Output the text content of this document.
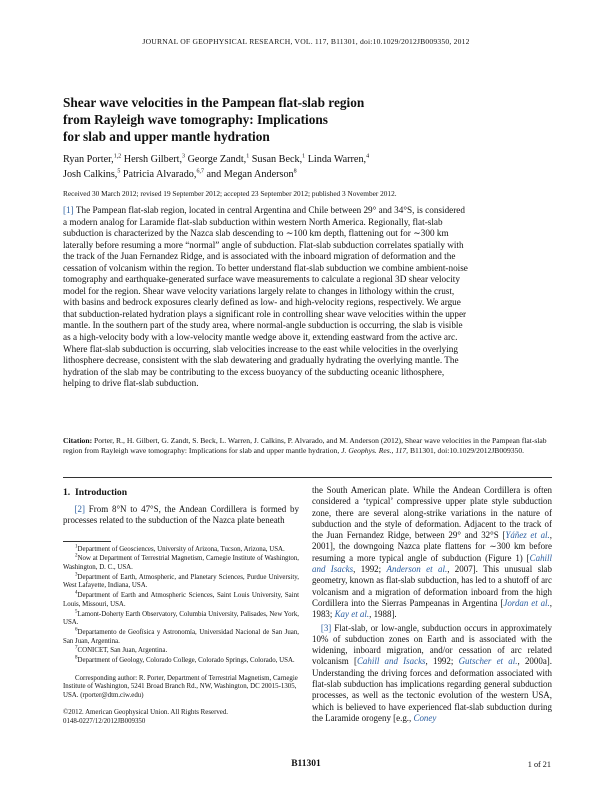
JOURNAL OF GEOPHYSICAL RESEARCH, VOL. 117, B11301, doi:10.1029/2012JB009350, 2012
Shear wave velocities in the Pampean flat-slab region
from Rayleigh wave tomography: Implications
for slab and upper mantle hydration
Ryan Porter,$^{1,2}$ Hersh Gilbert,$^3$ George Zandt,$^1$ Susan Beck,$^1$ Linda Warren,$^4$
Josh Calkins,$^5$ Patricia Alvarado,$^{6,7}$ and Megan Anderson$^8$
Received 30 March 2012; revised 19 September 2012; accepted 23 September 2012; published 3 November 2012.
[1] The Pampean flat-slab region, located in central Argentina and Chile between 29° and 34°S, is considered a modern analog for Laramide flat-slab subduction within western North America. Regionally, flat-slab subduction is characterized by the Nazca slab descending to ∼100 km depth, flattening out for ∼300 km laterally before resuming a more “normal” angle of subduction. Flat-slab subduction correlates spatially with the track of the Juan Fernandez Ridge, and is associated with the inboard migration of deformation and the cessation of volcanism within the region. To better understand flat-slab subduction we combine ambient-noise tomography and earthquake-generated surface wave measurements to calculate a regional 3D shear velocity model for the region. Shear wave velocity variations largely relate to changes in lithology within the crust, with basins and bedrock exposures clearly defined as low- and high-velocity regions, respectively. We argue that subduction-related hydration plays a significant role in controlling shear wave velocities within the upper mantle. In the southern part of the study area, where normal-angle subduction is occurring, the slab is visible as a high-velocity body with a low-velocity mantle wedge above it, extending eastward from the active arc. Where flat-slab subduction is occurring, slab velocities increase to the east while velocities in the overlying lithosphere decrease, consistent with the slab dewatering and gradually hydrating the overlying mantle. The hydration of the slab may be contributing to the excess buoyancy of the subducting oceanic lithosphere, helping to drive flat-slab subduction.
Citation: Porter, R., H. Gilbert, G. Zandt, S. Beck, L. Warren, J. Calkins, P. Alvarado, and M. Anderson (2012), Shear wave velocities in the Pampean flat-slab region from Rayleigh wave tomography: Implications for slab and upper mantle hydration, J. Geophys. Res., 117, B11301, doi:10.1029/2012JB009350.
1. Introduction
[2] From 8°N to 47°S, the Andean Cordillera is formed by processes related to the subduction of the Nazca plate beneath
$^1$Department of Geosciences, University of Arizona, Tucson, Arizona, USA.
$^2$Now at Department of Terrestrial Magnetism, Carnegie Institute of Washington, Washington, D. C., USA.
$^3$Department of Earth, Atmospheric, and Planetary Sciences, Purdue University, West Lafayette, Indiana, USA.
$^4$Department of Earth and Atmospheric Sciences, Saint Louis University, Saint Louis, Missouri, USA.
$^5$Lamont-Doherty Earth Observatory, Columbia University, Palisades, New York, USA.
$^6$Departamento de Geofísica y Astronomía, Universidad Nacional de San Juan, San Juan, Argentina.
$^7$CONICET, San Juan, Argentina.
$^8$Department of Geology, Colorado College, Colorado Springs, Colorado, USA.
Corresponding author: R. Porter, Department of Terrestrial Magnetism, Carnegie Institute of Washington, 5241 Broad Branch Rd., NW, Washington, DC 20015-1305, USA. (rporter@dtm.ciw.edu)
©2012. American Geophysical Union. All Rights Reserved.
0148-0227/12/2012JB009350
the South American plate. While the Andean Cordillera is often considered a ‘typical’ compressive upper plate style subduction zone, there are several along-strike variations in the nature of subduction and the style of deformation. Adjacent to the track of the Juan Fernandez Ridge, between 29° and 32°S [Yáñez et al., 2001], the downgoing Nazca plate flattens for ∼300 km before resuming a more typical angle of subduction (Figure 1) [Cahill and Isacks, 1992; Anderson et al., 2007]. This unusual slab geometry, known as flat-slab subduction, has led to a shutoff of arc volcanism and a migration of deformation inboard from the high Cordillera into the Sierras Pampeanas in Argentina [Jordan et al., 1983; Kay et al., 1988].
[3] Flat-slab, or low-angle, subduction occurs in approximately 10% of subduction zones on Earth and is associated with the widening, inboard migration, and/or cessation of arc related volcanism [Cahill and Isacks, 1992; Gutscher et al., 2000a]. Understanding the driving forces and deformation associated with flat-slab subduction has implications regarding general subduction processes, as well as the tectonic evolution of the western USA, which is believed to have experienced flat-slab subduction during the Laramide orogeny [e.g., Coney
B11301	1 of 21
